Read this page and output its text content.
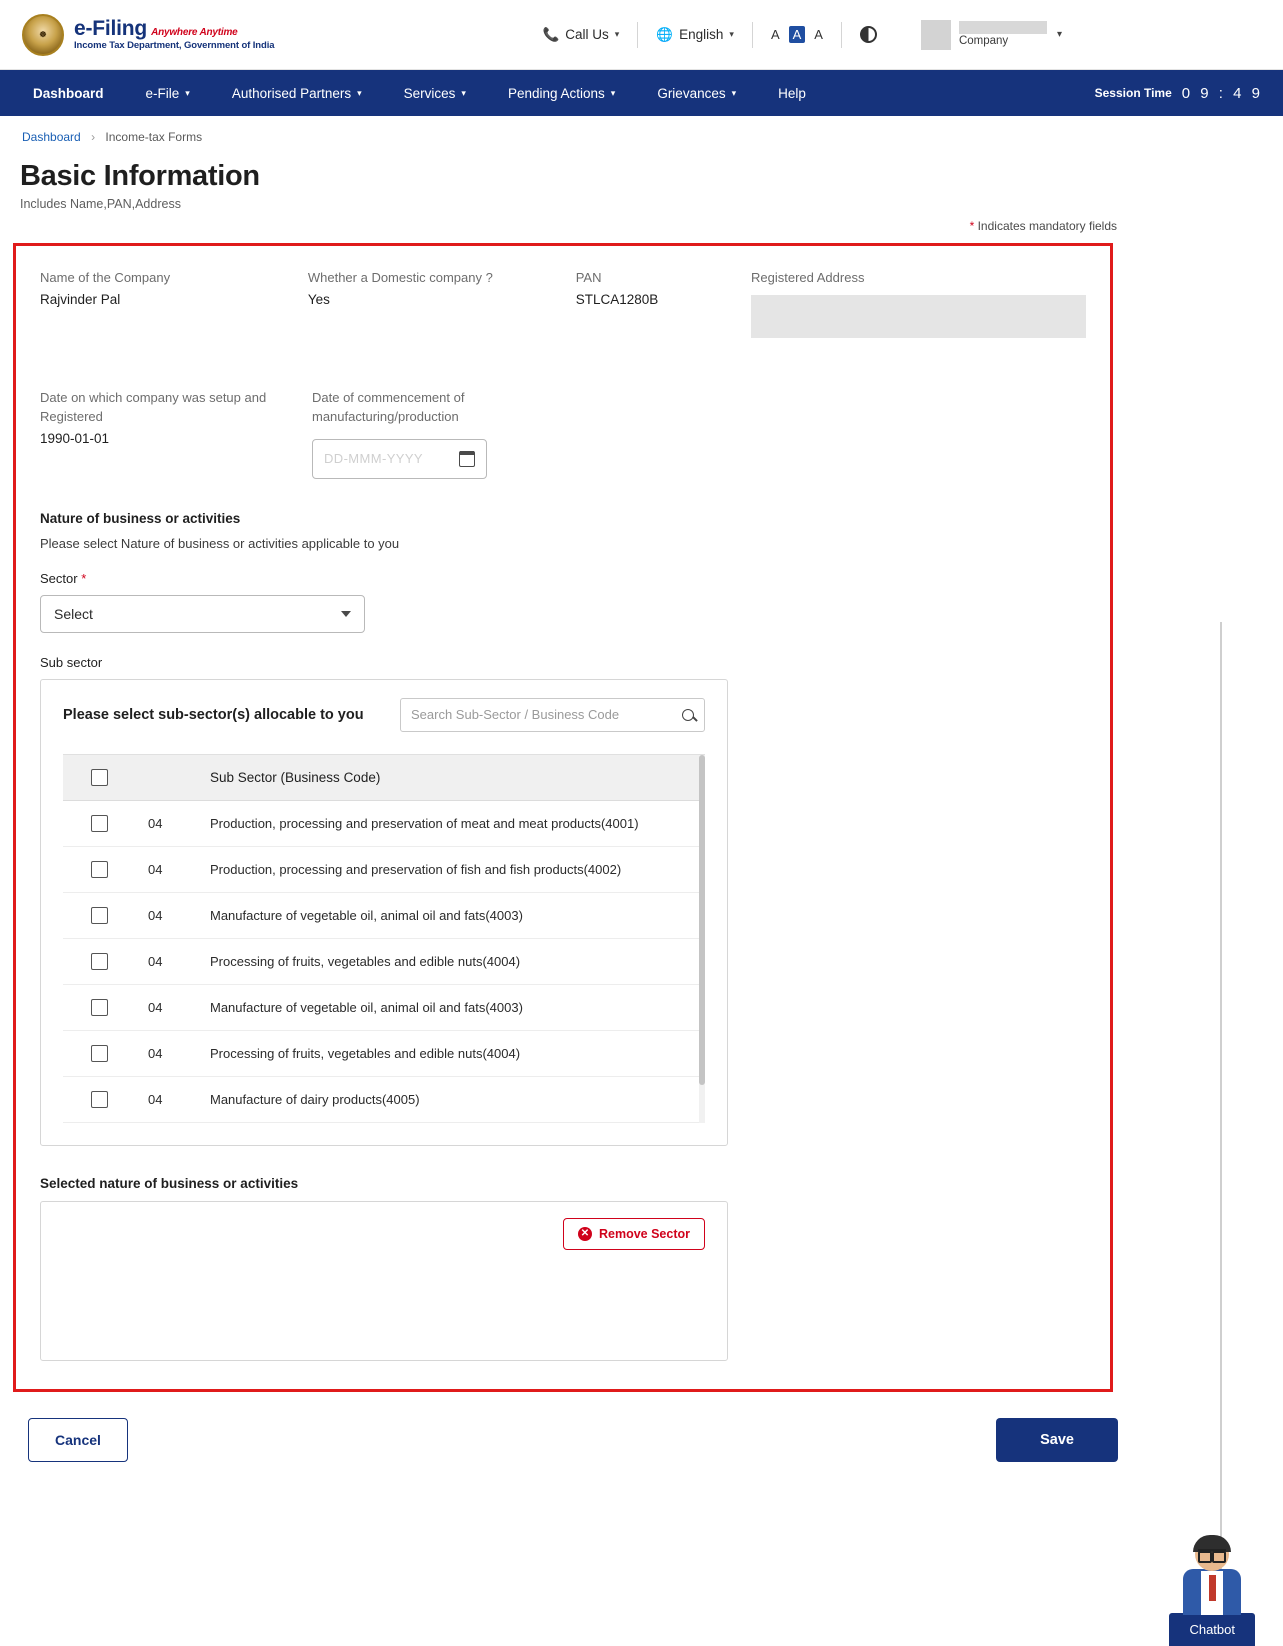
☸	e-Filing Anywhere Anytime
Income Tax Department, Government of India
📞 Call Us ▾	🌐 English ▾	A	A	A	Company
▾
Dashboard	e-File ▾	Authorised Partners ▾	Services ▾	Pending Actions ▾	Grievances ▾	Help	Session Time 0 9 : 4 9
Dashboard › Income-tax Forms
Basic Information
Includes Name,PAN,Address
* Indicates mandatory fields
Name of the Company
Rajvinder Pal
Whether a Domestic company ?
Yes
PAN
STLCA1280B
Registered Address
Date on which company was setup and Registered
1990-01-01
Date of commencement of manufacturing/production
DD-MMM-YYYY
Nature of business or activities
Please select Nature of business or activities applicable to you
Sector *
Select
Sub sector
Please select sub-sector(s) allocable to you	Search Sub-Sector / Business Code
Sub Sector (Business Code)
04	Production, processing and preservation of meat and meat products(4001)
04	Production, processing and preservation of fish and fish products(4002)
04	Manufacture of vegetable oil, animal oil and fats(4003)
04	Processing of fruits, vegetables and edible nuts(4004)
04	Manufacture of vegetable oil, animal oil and fats(4003)
04	Processing of fruits, vegetables and edible nuts(4004)
04	Manufacture of dairy products(4005)
Selected nature of business or activities
✕ Remove Sector
Cancel	Save
Chatbot
